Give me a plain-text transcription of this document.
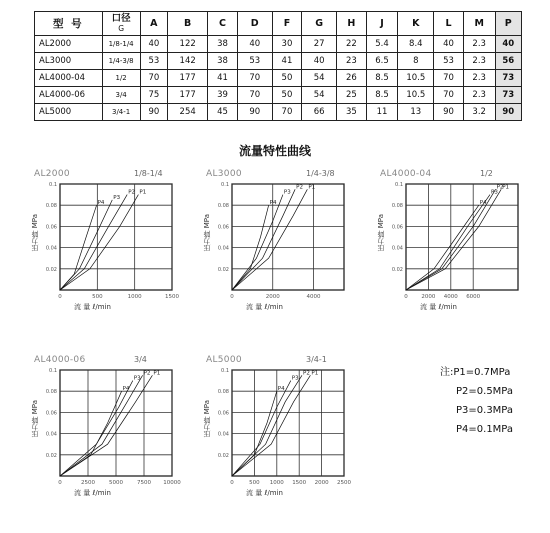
型 号	口径
G	A	B	C	D	F	G	H	J	K	L	M	P
AL2000	1/8-1/4	40	122	38	40	30	27	22	5.4	8.4	40	2.3	40
AL3000	1/4-3/8	53	142	38	53	41	40	23	6.5	8	53	2.3	56
AL4000-04	1/2	70	177	41	70	50	54	26	8.5	10.5	70	2.3	73
AL4000-06	3/4	75	177	39	70	50	54	25	8.5	10.5	70	2.3	73
AL5000	3/4-1	90	254	45	90	70	66	35	11	13	90	3.2	90
流量特性曲线
AL2000	1/8-1/4
0.02
0.04
0.06
0.08
0.1
0	500	1000	1500
P1
P2
P3
P4
压力降 MPa
流 量 ℓ/min
AL3000	1/4-3/8
0.02
0.04
0.06
0.08
0.1
0	2000	4000
P1
P2
P3
P4
压力降 MPa
流 量 ℓ/min
AL4000-04	1/2
0.02
0.04
0.06
0.08
0.1
0 2000 4000 6000
P1
P2
P3
P4
压力降 MPa
流 量 ℓ/min
AL4000-06	3/4
0.02
0.04
0.06
0.08
0.1
0	2500	5000	7500 10000
P1
P2
P3
P4
压力降 MPa
流 量 ℓ/min
AL5000	3/4-1
0.02
0.04
0.06
0.08
0.1
0	500 1000 1500 2000 2500
P1
P2
P3
P4
压力降 MPa
流 量 ℓ/min
注:P1=0.7MPa
P2=0.5MPa
P3=0.3MPa
P4=0.1MPa
